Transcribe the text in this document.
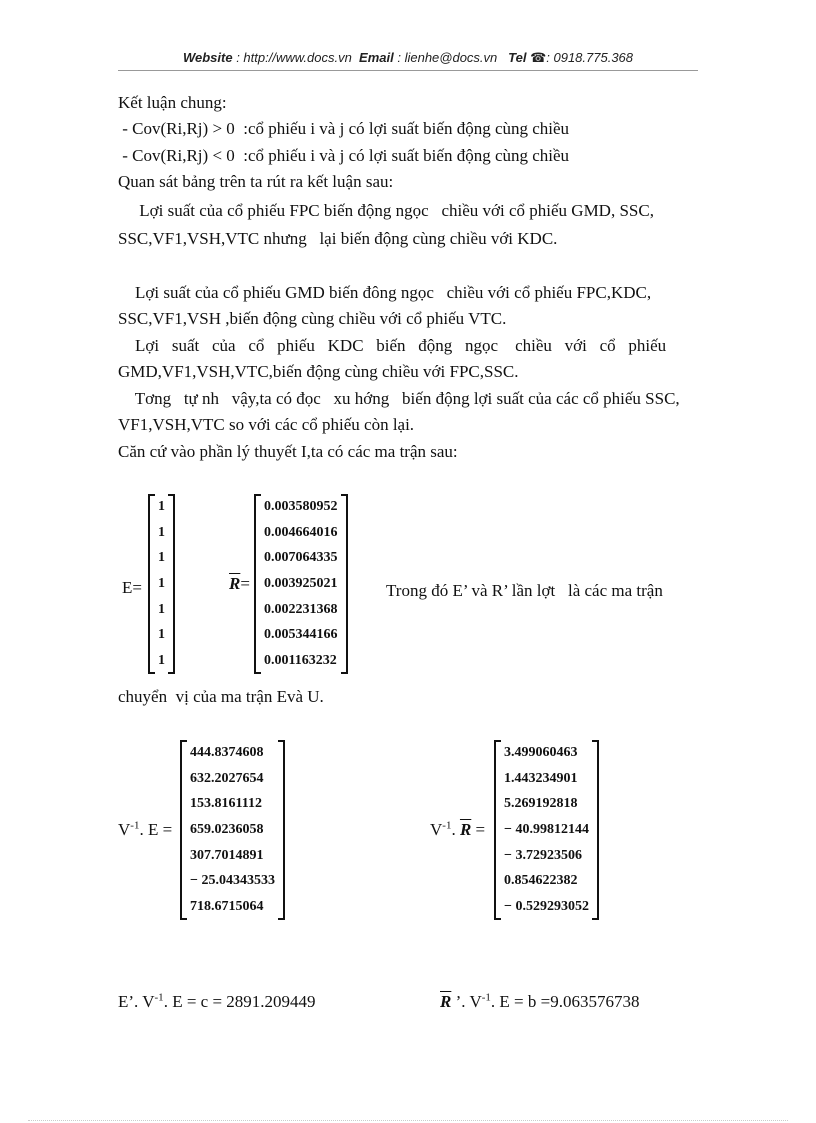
Website : http://www.docs.vn Email : lienhe@docs.vn Tel ☎: 0918.775.368
Kết luận chung:
- Cov(Ri,Rj) > 0  :cổ phiếu i và j có lợi suất biến động cùng chiều
- Cov(Ri,Rj) < 0  :cổ phiếu i và j có lợi suất biến động cùng chiều
Quan sát bảng trên ta rút ra kết luận sau:
Lợi suất của cổ phiếu FPC biến động ngọc   chiều với cổ phiếu GMD, SSC,
SSC,VF1,VSH,VTC nhưng   lại biến động cùng chiều với KDC.
Lợi suất của cổ phiếu GMD biến đông ngọc   chiều với cổ phiếu FPC,KDC,
SSC,VF1,VSH ,biến động cùng chiều với cổ phiếu VTC.
Lợi   suất   của   cổ   phiếu   KDC   biến   động   ngọc    chiều   với   cổ   phiếu
GMD,VF1,VSH,VTC,biến động cùng chiều với FPC,SSC.
Tơng   tự nh   vậy,ta có đọc   xu hớng   biến động lợi suất của các cổ phiếu SSC,
VF1,VSH,VTC so với các cổ phiếu còn lại.
Căn cứ vào phần lý thuyết I,ta có các ma trận sau:
E=
1
1
1
1
1
1
1
$\overline{R}=$
0.003580952
0.004664016
0.007064335
0.003925021
0.002231368
0.005344166
0.001163232
Trong đó E’ và R’ lần lợt   là các ma trận
chuyển  vị của ma trận Evà U.
$V^{-1}$. E =
444.8374608
632.2027654
153.8161112
659.0236058
307.7014891
− 25.04343533
718.6715064
$V^{-1}$. $\overline{R}$ =
3.499060463
1.443234901
5.269192818
− 40.99812144
− 3.72923506
0.854622382
− 0.529293052
E’. $V^{-1}$. E = c = 2891.209449	$\overline{R}$ ’. $V^{-1}$. E = b =9.063576738
